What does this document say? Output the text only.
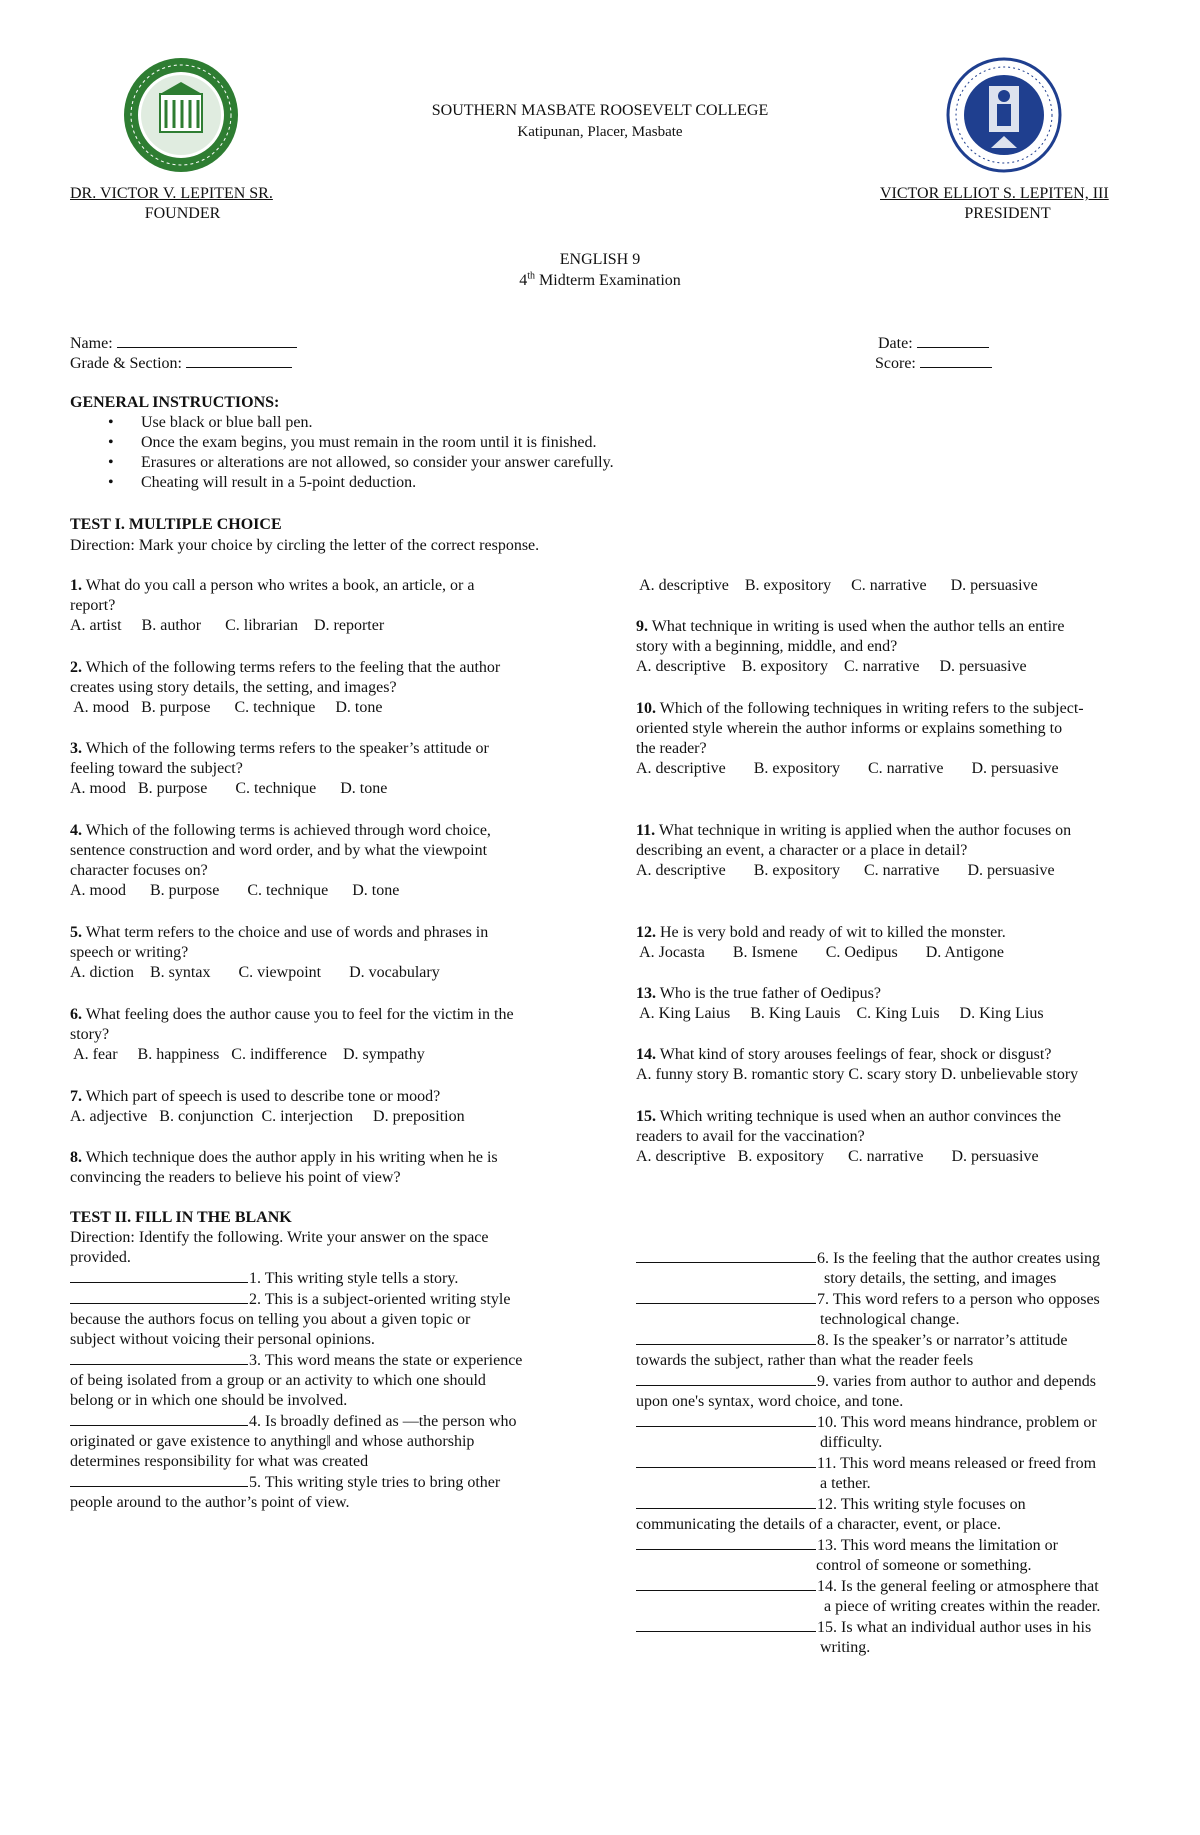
SOUTHERN MASBATE ROOSEVELT COLLEGE
Katipunan, Placer, Masbate
DR. VICTOR V. LEPITEN SR.
FOUNDER
VICTOR ELLIOT S. LEPITEN, III
PRESIDENT
ENGLISH 9
4th Midterm Examination
Name:
Grade & Section:
Date:
Score:
GENERAL INSTRUCTIONS:
• Use black or blue ball pen.
• Once the exam begins, you must remain in the room until it is finished.
• Erasures or alterations are not allowed, so consider your answer carefully.
• Cheating will result in a 5-point deduction.
TEST I. MULTIPLE CHOICE
Direction: Mark your choice by circling the letter of the correct response.

1. What do you call a person who writes a book, an article, or a

report?

A. artist     B. author      C. librarian    D. reporter

2. Which of the following terms refers to the feeling that the author

creates using story details, the setting, and images?

A. mood   B. purpose      C. technique     D. tone

3. Which of the following terms refers to the speaker’s attitude or

feeling toward the subject?

A. mood   B. purpose       C. technique      D. tone

4. Which of the following terms is achieved through word choice,

sentence construction and word order, and by what the viewpoint

character focuses on?

A. mood      B. purpose       C. technique      D. tone

5. What term refers to the choice and use of words and phrases in

speech or writing?

A. diction    B. syntax       C. viewpoint       D. vocabulary

6. What feeling does the author cause you to feel for the victim in the

story?

A. fear     B. happiness   C. indifference    D. sympathy

7. Which part of speech is used to describe tone or mood?

A. adjective   B. conjunction  C. interjection     D. preposition

8. Which technique does the author apply in his writing when he is

convincing the readers to believe his point of view?

A. descriptive    B. expository     C. narrative      D. persuasive

9. What technique in writing is used when the author tells an entire

story with a beginning, middle, and end?

A. descriptive    B. expository    C. narrative     D. persuasive

10. Which of the following techniques in writing refers to the subject-

oriented style wherein the author informs or explains something to

the reader?

A. descriptive       B. expository       C. narrative       D. persuasive

11. What technique in writing is applied when the author focuses on

describing an event, a character or a place in detail?

A. descriptive       B. expository      C. narrative       D. persuasive

12. He is very bold and ready of wit to killed the monster.

A. Jocasta       B. Ismene       C. Oedipus       D. Antigone

13. Who is the true father of Oedipus?

A. King Laius     B. King Lauis    C. King Luis     D. King Lius

14. What kind of story arouses feelings of fear, shock or disgust?

A. funny story B. romantic story C. scary story D. unbelievable story

15. Which writing technique is used when an author convinces the

readers to avail for the vaccination?

A. descriptive   B. expository      C. narrative       D. persuasive

TEST II. FILL IN THE BLANK
Direction: Identify the following. Write your answer on the space
provided.

1. This writing style tells a story.

2. This is a subject-oriented writing style

because the authors focus on telling you about a given topic or

subject without voicing their personal opinions.

3. This word means the state or experience

of being isolated from a group or an activity to which one should

belong or in which one should be involved.

4. Is broadly defined as ―the person who

originated or gave existence to anything‖ and whose authorship

determines responsibility for what was created

5. This writing style tries to bring other

people around to the author’s point of view.

6. Is the feeling that the author creates using

story details, the setting, and images

7. This word refers to a person who opposes

technological change.

8. Is the speaker’s or narrator’s attitude

towards the subject, rather than what the reader feels

9. varies from author to author and depends

upon one's syntax, word choice, and tone.

10. This word means hindrance, problem or

difficulty.

11. This word means released or freed from

a tether.

12. This writing style focuses on

communicating the details of a character, event, or place.

13. This word means the limitation or

control of someone or something.

14. Is the general feeling or atmosphere that

a piece of writing creates within the reader.

15. Is what an individual author uses in his

writing.
